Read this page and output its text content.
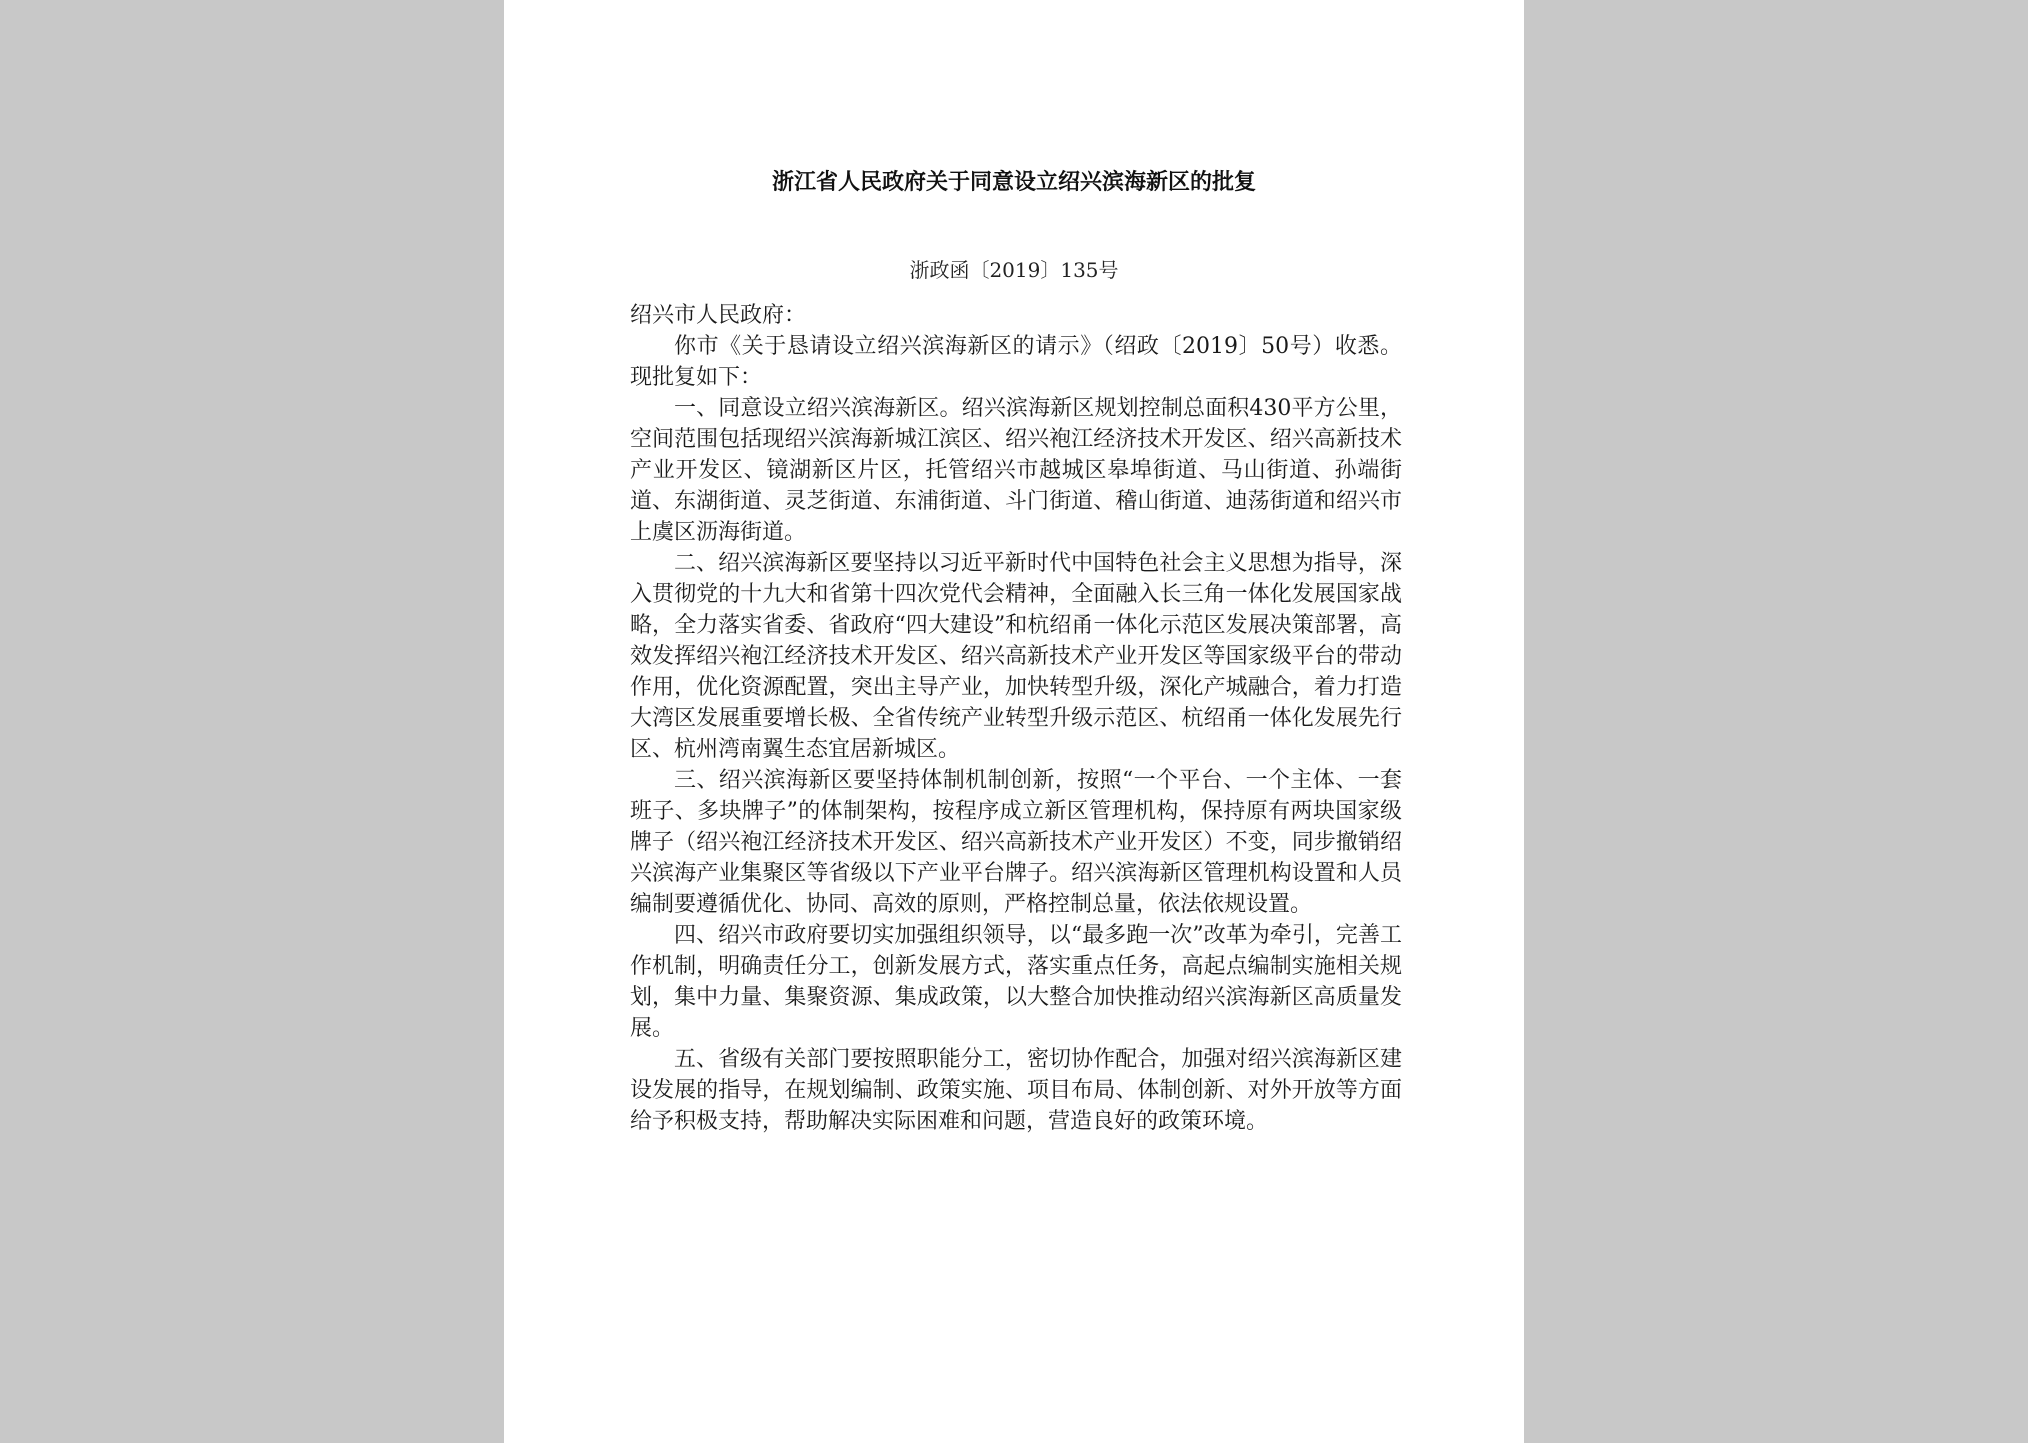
浙江省人民政府关于同意设立绍兴滨海新区的批复

浙政函〔2019〕135号

绍兴市人民政府：

你市《关于恳请设立绍兴滨海新区的请示》（绍政〔2019〕50号）收悉。现批复如下：

一、同意设立绍兴滨海新区。绍兴滨海新区规划控制总面积430平方公里，空间范围包括现绍兴滨海新城江滨区、绍兴袍江经济技术开发区、绍兴高新技术产业开发区、镜湖新区片区，托管绍兴市越城区皋埠街道、马山街道、孙端街道、东湖街道、灵芝街道、东浦街道、斗门街道、稽山街道、迪荡街道和绍兴市上虞区沥海街道。

二、绍兴滨海新区要坚持以习近平新时代中国特色社会主义思想为指导，深入贯彻党的十九大和省第十四次党代会精神，全面融入长三角一体化发展国家战略，全力落实省委、省政府“四大建设”和杭绍甬一体化示范区发展决策部署，高效发挥绍兴袍江经济技术开发区、绍兴高新技术产业开发区等国家级平台的带动作用，优化资源配置，突出主导产业，加快转型升级，深化产城融合，着力打造大湾区发展重要增长极、全省传统产业转型升级示范区、杭绍甬一体化发展先行区、杭州湾南翼生态宜居新城区。

三、绍兴滨海新区要坚持体制机制创新，按照“一个平台、一个主体、一套班子、多块牌子”的体制架构，按程序成立新区管理机构，保持原有两块国家级牌子（绍兴袍江经济技术开发区、绍兴高新技术产业开发区）不变，同步撤销绍兴滨海产业集聚区等省级以下产业平台牌子。绍兴滨海新区管理机构设置和人员编制要遵循优化、协同、高效的原则，严格控制总量，依法依规设置。

四、绍兴市政府要切实加强组织领导，以“最多跑一次”改革为牵引，完善工作机制，明确责任分工，创新发展方式，落实重点任务，高起点编制实施相关规划，集中力量、集聚资源、集成政策，以大整合加快推动绍兴滨海新区高质量发展。

五、省级有关部门要按照职能分工，密切协作配合，加强对绍兴滨海新区建设发展的指导，在规划编制、政策实施、项目布局、体制创新、对外开放等方面给予积极支持，帮助解决实际困难和问题，营造良好的政策环境。
